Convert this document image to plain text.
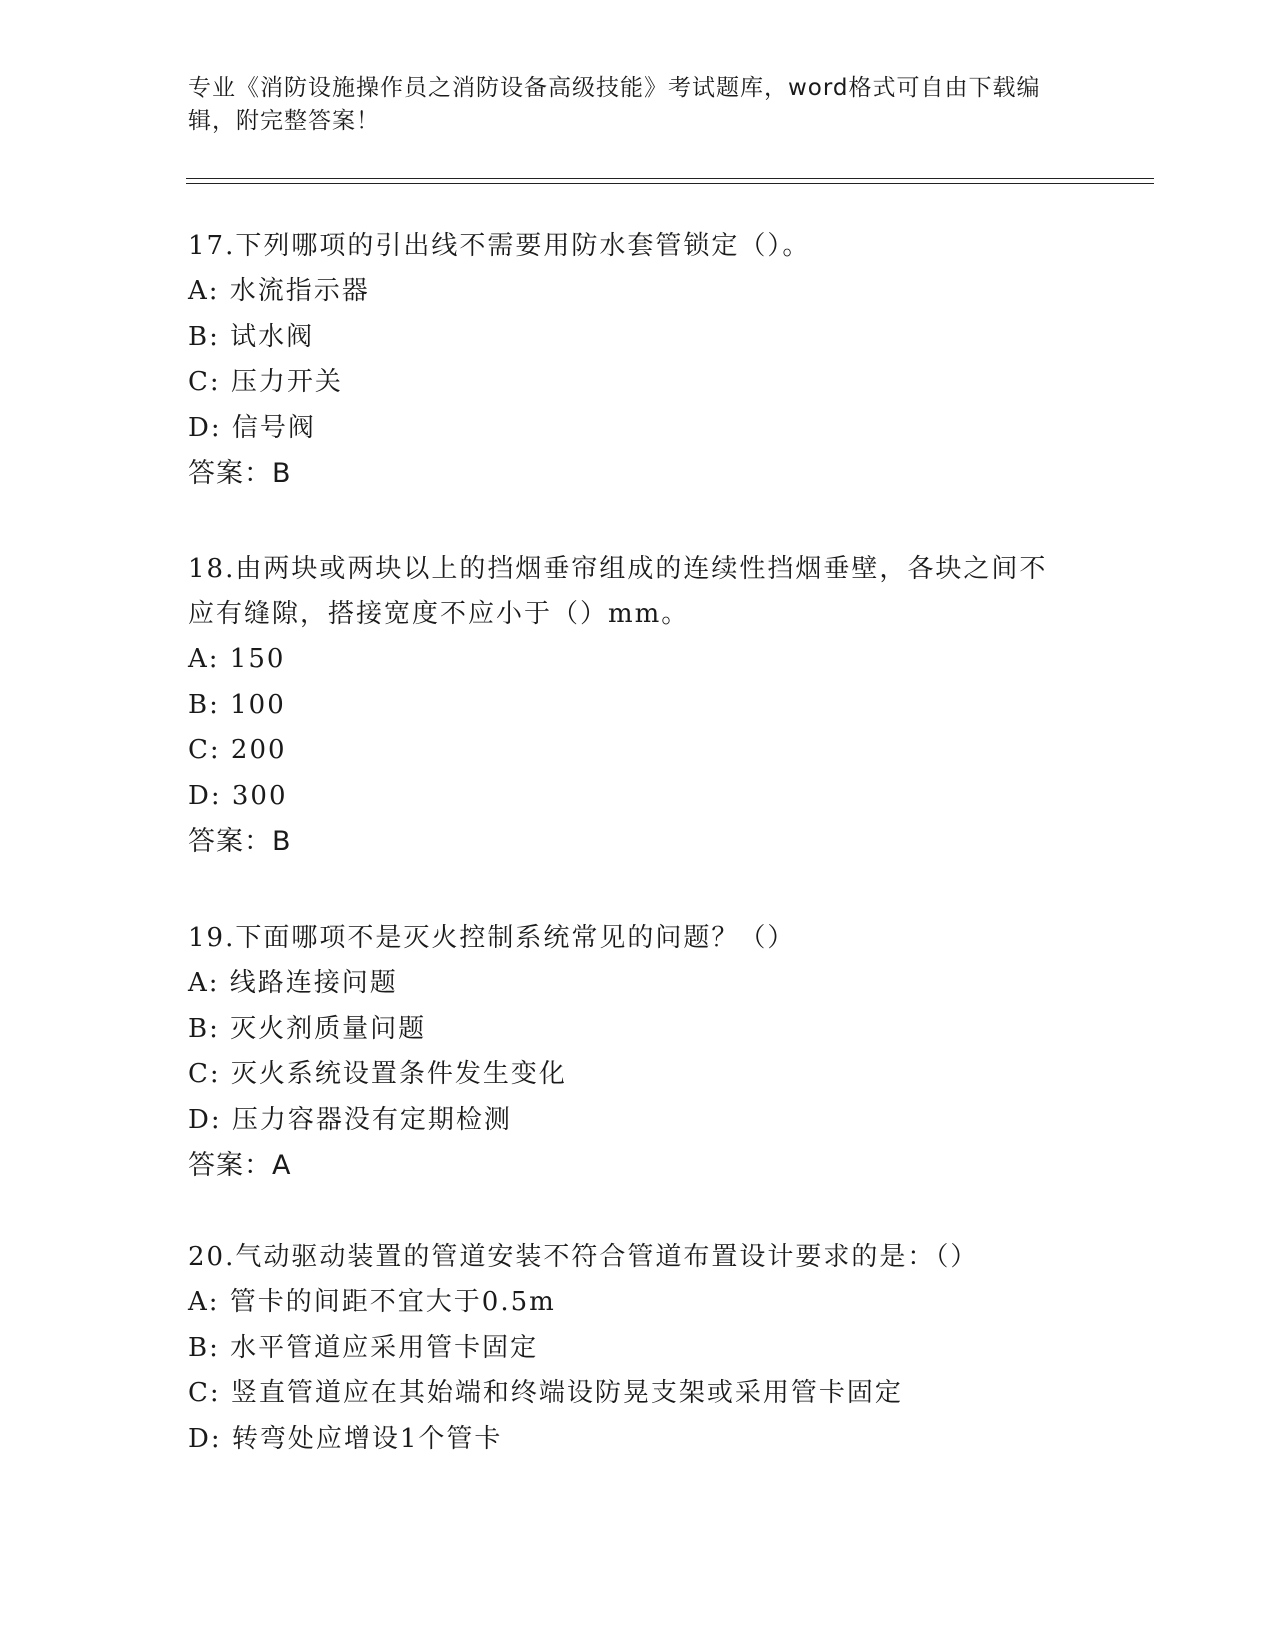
专业《消防设施操作员之消防设备高级技能》考试题库，word格式可自由下载编
辑，附完整答案！
17.下列哪项的引出线不需要用防水套管锁定（）。
A: 水流指示器
B: 试水阀
C: 压力开关
D: 信号阀
答案：B
18.由两块或两块以上的挡烟垂帘组成的连续性挡烟垂壁，各块之间不
应有缝隙，搭接宽度不应小于（）mm。
A: 150
B: 100
C: 200
D: 300
答案：B
19.下面哪项不是灭火控制系统常见的问题？（）
A: 线路连接问题
B: 灭火剂质量问题
C: 灭火系统设置条件发生变化
D: 压力容器没有定期检测
答案：A
20.气动驱动装置的管道安装不符合管道布置设计要求的是：（）
A: 管卡的间距不宜大于0.5m
B: 水平管道应采用管卡固定
C: 竖直管道应在其始端和终端设防晃支架或采用管卡固定
D: 转弯处应增设1个管卡
